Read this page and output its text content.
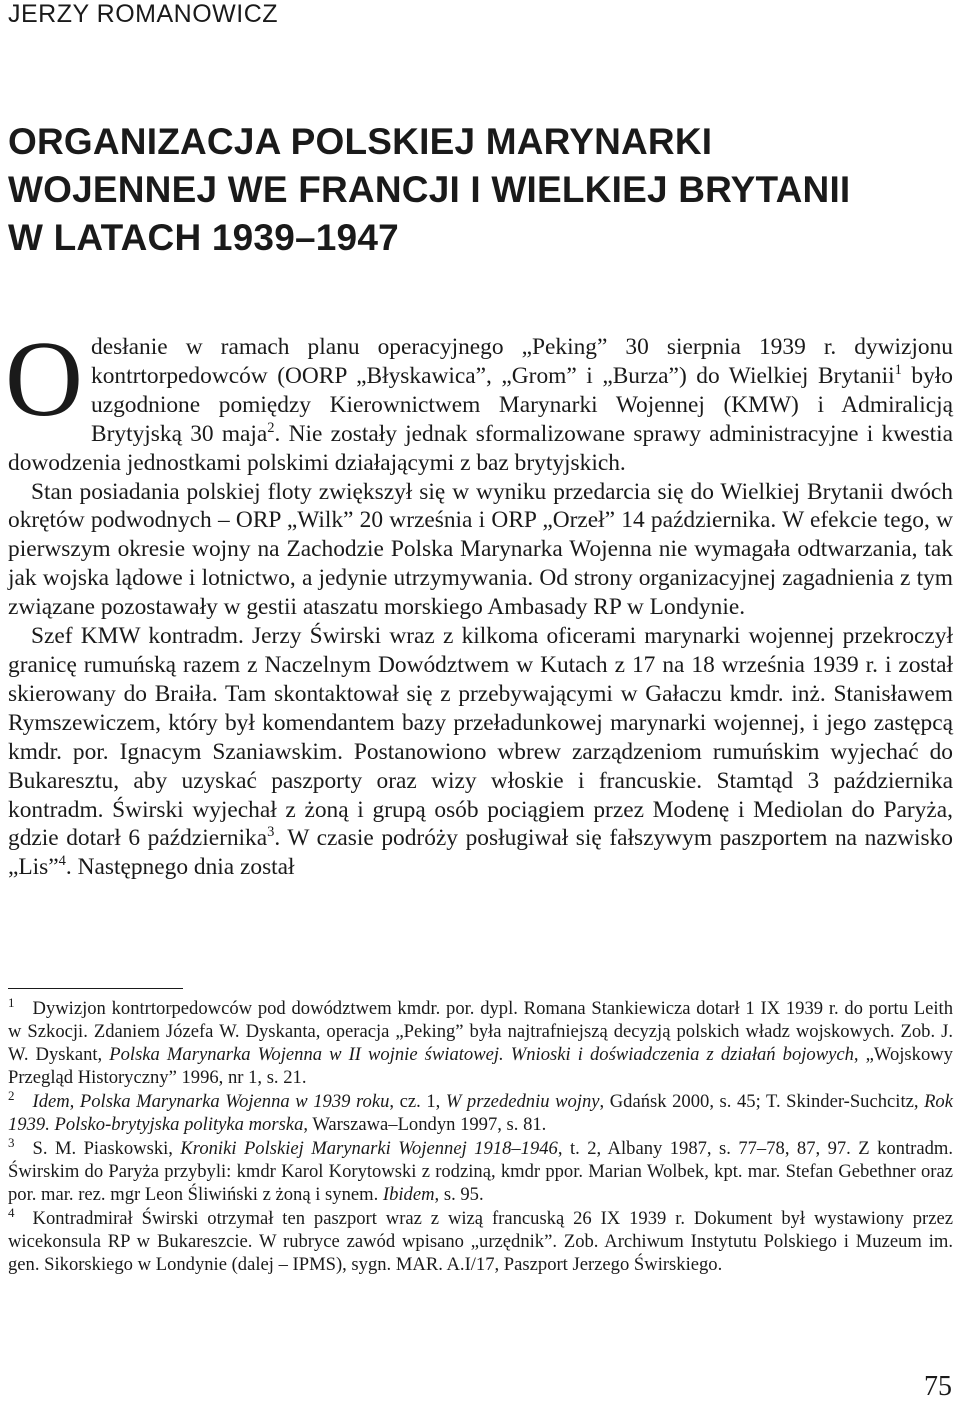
JERZY ROMANOWICZ
ORGANIZACJA POLSKIEJ MARYNARKI
WOJENNEJ WE FRANCJI I WIELKIEJ BRYTANII
W LATACH 1939–1947

Odesłanie w ramach planu operacyjnego „Peking” 30 sierpnia 1939 r. dywizjonu kontrtorpedowców (OORP „Błyskawica”, „Grom” i „Burza”) do Wielkiej Brytanii$^1$ było uzgodnione pomiędzy Kierownictwem Marynarki Wojennej (KMW) i Admiralicją Brytyjską 30 maja$^2$. Nie zostały jednak sformalizowane sprawy administracyjne i kwestia dowodzenia jednostkami polskimi działającymi z baz brytyjskich.

Stan posiadania polskiej floty zwiększył się w wyniku przedarcia się do Wielkiej Brytanii dwóch okrętów podwodnych – ORP „Wilk” 20 września i ORP „Orzeł” 14 października. W efekcie tego, w pierwszym okresie wojny na Zachodzie Polska Marynarka Wojenna nie wymagała odtwarzania, tak jak wojska lądowe i lotnictwo, a jedynie utrzymywania. Od strony organizacyjnej zagadnienia z tym związane pozostawały w gestii ataszatu morskiego Ambasady RP w Londynie.

Szef KMW kontradm. Jerzy Świrski wraz z kilkoma oficerami marynarki wojennej przekroczył granicę rumuńską razem z Naczelnym Dowództwem w Kutach z 17 na 18 września 1939 r. i został skierowany do Braiła. Tam skontaktował się z przebywającymi w Gałaczu kmdr. inż. Stanisławem Rymszewiczem, który był komendantem bazy przeładunkowej marynarki wojennej, i jego zastępcą kmdr. por. Ignacym Szaniawskim. Postanowiono wbrew zarządzeniom rumuńskim wyjechać do Bukaresztu, aby uzyskać paszporty oraz wizy włoskie i francuskie. Stamtąd 3 października kontradm. Świrski wyjechał z żoną i grupą osób pociągiem przez Modenę i Mediolan do Paryża, gdzie dotarł 6 października$^3$. W czasie podróży posługiwał się fałszywym paszportem na nazwisko „Lis”$^4$. Następnego dnia został

$^1$ Dywizjon kontrtorpedowców pod dowództwem kmdr. por. dypl. Romana Stankiewicza dotarł 1 IX 1939 r. do portu Leith w Szkocji. Zdaniem Józefa W. Dyskanta, operacja „Peking” była najtrafniejszą decyzją polskich władz wojskowych. Zob. J. W. Dyskant, Polska Marynarka Wojenna w II wojnie światowej. Wnioski i doświadczenia z działań bojowych, „Wojskowy Przegląd Historyczny” 1996, nr 1, s. 21.

$^2$ Idem, Polska Marynarka Wojenna w 1939 roku, cz. 1, W przededniu wojny, Gdańsk 2000, s. 45; T. Skinder-Suchcitz, Rok 1939. Polsko-brytyjska polityka morska, Warszawa–Londyn 1997, s. 81.

$^3$ S. M. Piaskowski, Kroniki Polskiej Marynarki Wojennej 1918–1946, t. 2, Albany 1987, s. 77–78, 87, 97. Z kontradm. Świrskim do Paryża przybyli: kmdr Karol Korytowski z rodziną, kmdr ppor. Marian Wolbek, kpt. mar. Stefan Gebethner oraz por. mar. rez. mgr Leon Śliwiński z żoną i synem. Ibidem, s. 95.

$^4$ Kontradmirał Świrski otrzymał ten paszport wraz z wizą francuską 26 IX 1939 r. Dokument był wystawiony przez wicekonsula RP w Bukareszcie. W rubryce zawód wpisano „urzędnik”. Zob. Archiwum Instytutu Polskiego i Muzeum im. gen. Sikorskiego w Londynie (dalej – IPMS), sygn. MAR. A.I/17, Paszport Jerzego Świrskiego.

75
